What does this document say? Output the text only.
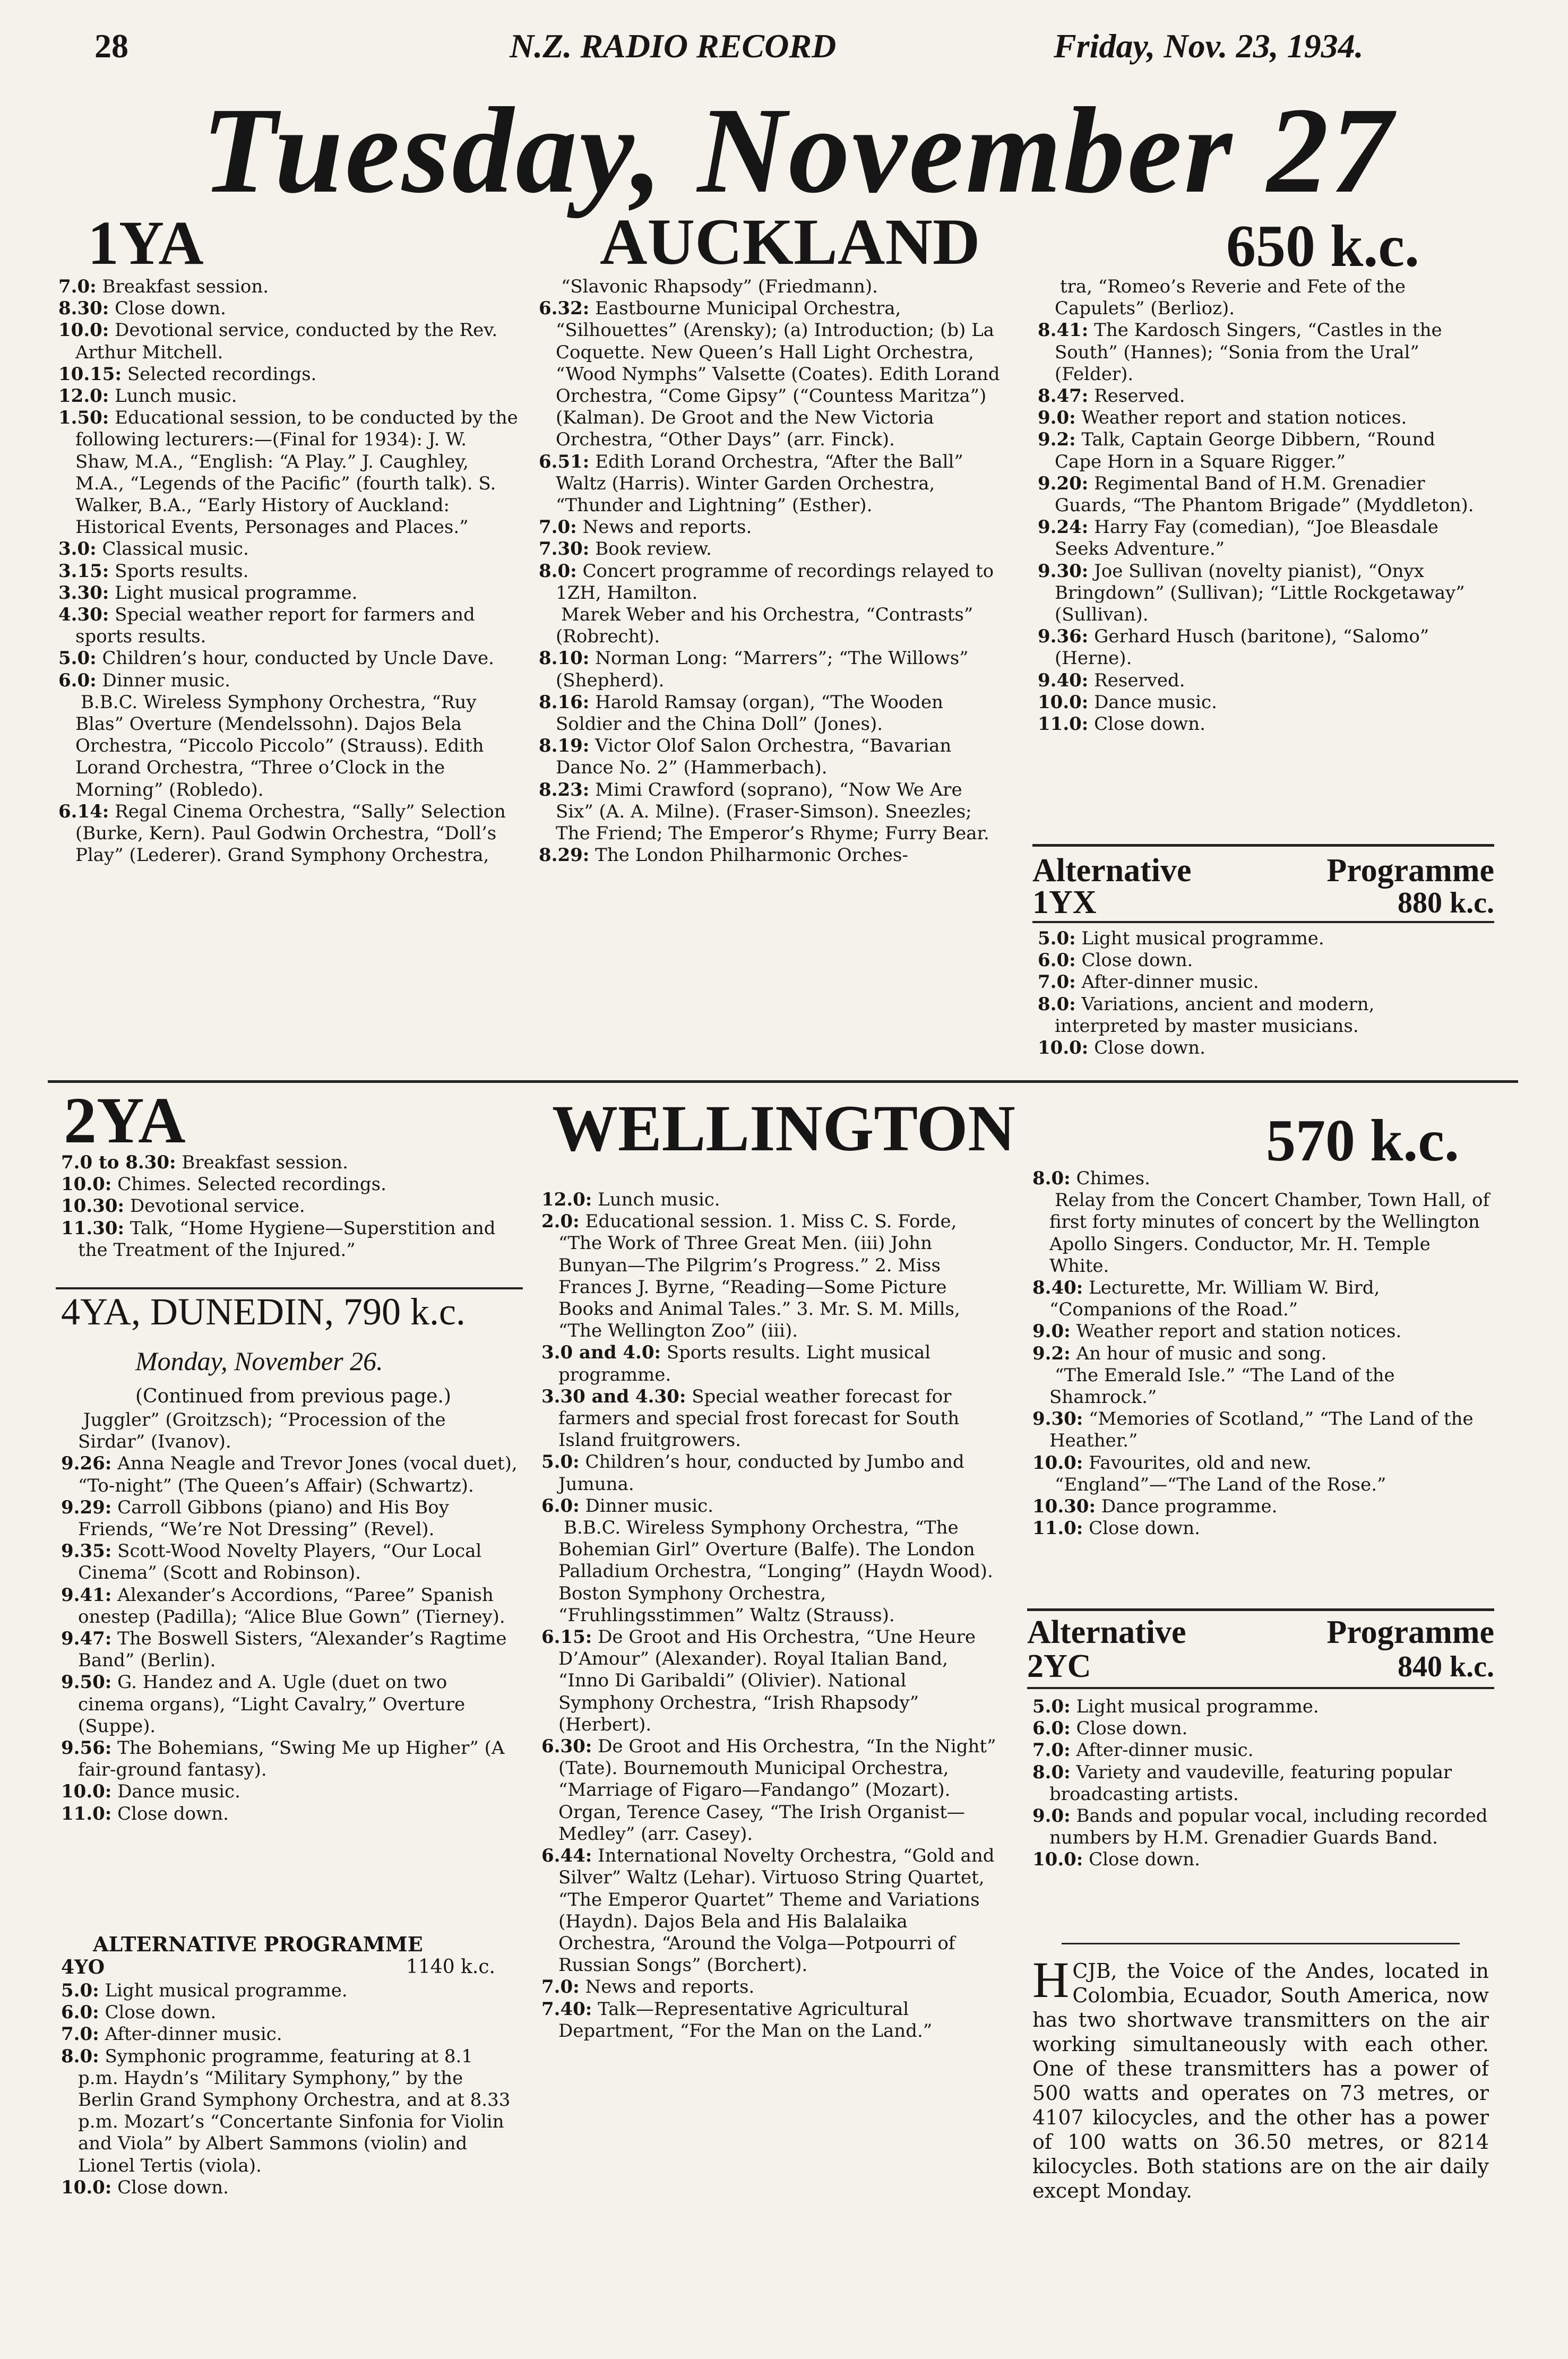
28	N.Z. RADIO RECORD	Friday, Nov. 23, 1934.
Tuesday, November 27
1YA	AUCKLAND	650 k.c.

7.0: Breakfast session.

8.30: Close down.

10.0: Devotional service, conducted by the Rev. Arthur Mitchell.

10.15: Selected recordings.

12.0: Lunch music.

1.50: Educational session, to be conducted by the following lecturers:—(Final for 1934): J. W. Shaw, M.A., “English: “A Play.” J. Caughley, M.A., “Legends of the Pacific” (fourth talk). S. Walker, B.A., “Early History of Auckland: Historical Events, Personages and Places.”

3.0: Classical music.

3.15: Sports results.

3.30: Light musical programme.

4.30: Special weather report for farmers and sports results.

5.0: Children’s hour, conducted by Uncle Dave.

6.0: Dinner music.

B.B.C. Wireless Symphony Orchestra, “Ruy Blas” Overture (Mendelssohn). Dajos Bela Orchestra, “Piccolo Piccolo” (Strauss). Edith Lorand Orchestra, “Three o’Clock in the Morning” (Robledo).

6.14: Regal Cinema Orchestra, “Sally” Selection (Burke, Kern). Paul Godwin Orchestra, “Doll’s Play” (Lederer). Grand Symphony Orchestra,

“Slavonic Rhapsody” (Friedmann).

6.32: Eastbourne Municipal Orchestra, “Silhouettes” (Arensky); (a) Introduction; (b) La Coquette. New Queen’s Hall Light Orchestra, “Wood Nymphs” Valsette (Coates). Edith Lorand Orchestra, “Come Gipsy” (“Countess Maritza”) (Kalman). De Groot and the New Victoria Orchestra, “Other Days” (arr. Finck).

6.51: Edith Lorand Orchestra, “After the Ball” Waltz (Harris). Winter Garden Orchestra, “Thunder and Lightning” (Esther).

7.0: News and reports.

7.30: Book review.

8.0: Concert programme of recordings relayed to 1ZH, Hamilton.

Marek Weber and his Orchestra, “Contrasts” (Robrecht).

8.10: Norman Long: “Marrers”; “The Willows” (Shepherd).

8.16: Harold Ramsay (organ), “The Wooden Soldier and the China Doll” (Jones).

8.19: Victor Olof Salon Orchestra, “Bavarian Dance No. 2” (Hammerbach).

8.23: Mimi Crawford (soprano), “Now We Are Six” (A. A. Milne). (Fraser-Simson). Sneezles; The Friend; The Emperor’s Rhyme; Furry Bear.

8.29: The London Philharmonic Orches-

tra, “Romeo’s Reverie and Fete of the Capulets” (Berlioz).

8.41: The Kardosch Singers, “Castles in the South” (Hannes); “Sonia from the Ural” (Felder).

8.47: Reserved.

9.0: Weather report and station notices.

9.2: Talk, Captain George Dibbern, “Round Cape Horn in a Square Rigger.”

9.20: Regimental Band of H.M. Grenadier Guards, “The Phantom Brigade” (Myddleton).

9.24: Harry Fay (comedian), “Joe Bleasdale Seeks Adventure.”

9.30: Joe Sullivan (novelty pianist), “Onyx Bringdown” (Sullivan); “Little Rockgetaway” (Sullivan).

9.36: Gerhard Husch (baritone), “Salomo” (Herne).

9.40: Reserved.

10.0: Dance music.

11.0: Close down.

Alternative	Programme
1YX	880 k.c.

5.0: Light musical programme.

6.0: Close down.

7.0: After-dinner music.

8.0: Variations, ancient and modern, interpreted by master musicians.

10.0: Close down.

2YA	WELLINGTON	570 k.c.

7.0 to 8.30: Breakfast session.

10.0: Chimes. Selected recordings.

10.30: Devotional service.

11.30: Talk, “Home Hygiene—Superstition and the Treatment of the Injured.”

4YA, DUNEDIN, 790 k.c.
Monday, November 26.
(Continued from previous page.)

Juggler” (Groitzsch); “Procession of the Sirdar” (Ivanov).

9.26: Anna Neagle and Trevor Jones (vocal duet), “To-night” (The Queen’s Affair) (Schwartz).

9.29: Carroll Gibbons (piano) and His Boy Friends, “We’re Not Dressing” (Revel).

9.35: Scott-Wood Novelty Players, “Our Local Cinema” (Scott and Robinson).

9.41: Alexander’s Accordions, “Paree” Spanish onestep (Padilla); “Alice Blue Gown” (Tierney).

9.47: The Boswell Sisters, “Alexander’s Ragtime Band” (Berlin).

9.50: G. Handez and A. Ugle (duet on two cinema organs), “Light Cavalry,” Overture (Suppe).

9.56: The Bohemians, “Swing Me up Higher” (A fair-ground fantasy).

10.0: Dance music.

11.0: Close down.

ALTERNATIVE PROGRAMME
4YO	1140 k.c.

5.0: Light musical programme.

6.0: Close down.

7.0: After-dinner music.

8.0: Symphonic programme, featuring at 8.1 p.m. Haydn’s “Military Symphony,” by the Berlin Grand Symphony Orchestra, and at 8.33 p.m. Mozart’s “Concertante Sinfonia for Violin and Viola” by Albert Sammons (violin) and Lionel Tertis (viola).

10.0: Close down.

12.0: Lunch music.

2.0: Educational session. 1. Miss C. S. Forde, “The Work of Three Great Men. (iii) John Bunyan—The Pilgrim’s Progress.” 2. Miss Frances J. Byrne, “Reading—Some Picture Books and Animal Tales.” 3. Mr. S. M. Mills, “The Wellington Zoo” (iii).

3.0 and 4.0: Sports results. Light musical programme.

3.30 and 4.30: Special weather forecast for farmers and special frost forecast for South Island fruitgrowers.

5.0: Children’s hour, conducted by Jumbo and Jumuna.

6.0: Dinner music.

B.B.C. Wireless Symphony Orchestra, “The Bohemian Girl” Overture (Balfe). The London Palladium Orchestra, “Longing” (Haydn Wood). Boston Symphony Orchestra, “Fruhlingsstimmen” Waltz (Strauss).

6.15: De Groot and His Orchestra, “Une Heure D’Amour” (Alexander). Royal Italian Band, “Inno Di Garibaldi” (Olivier). National Symphony Orchestra, “Irish Rhapsody” (Herbert).

6.30: De Groot and His Orchestra, “In the Night” (Tate). Bournemouth Municipal Orchestra, “Marriage of Figaro—Fandango” (Mozart). Organ, Terence Casey, “The Irish Organist—Medley” (arr. Casey).

6.44: International Novelty Orchestra, “Gold and Silver” Waltz (Lehar). Virtuoso String Quartet, “The Emperor Quartet” Theme and Variations (Haydn). Dajos Bela and His Balalaika Orchestra, “Around the Volga—Potpourri of Russian Songs” (Borchert).

7.0: News and reports.

7.40: Talk—Representative Agricultural Department, “For the Man on the Land.”

8.0: Chimes.

Relay from the Concert Chamber, Town Hall, of first forty minutes of concert by the Wellington Apollo Singers. Conductor, Mr. H. Temple White.

8.40: Lecturette, Mr. William W. Bird, “Companions of the Road.”

9.0: Weather report and station notices.

9.2: An hour of music and song.

“The Emerald Isle.” “The Land of the Shamrock.”

9.30: “Memories of Scotland,” “The Land of the Heather.”

10.0: Favourites, old and new.

“England”—“The Land of the Rose.”

10.30: Dance programme.

11.0: Close down.

Alternative	Programme
2YC	840 k.c.

5.0: Light musical programme.

6.0: Close down.

7.0: After-dinner music.

8.0: Variety and vaudeville, featuring popular broadcasting artists.

9.0: Bands and popular vocal, including recorded numbers by H.M. Grenadier Guards Band.

10.0: Close down.

HCJB, the Voice of the Andes, located in Colombia, Ecuador, South America, now has two shortwave transmitters on the air working simultaneously with each other. One of these transmitters has a power of 500 watts and operates on 73 metres, or 4107 kilocycles, and the other has a power of 100 watts on 36.50 metres, or 8214 kilocycles. Both stations are on the air daily except Monday.
